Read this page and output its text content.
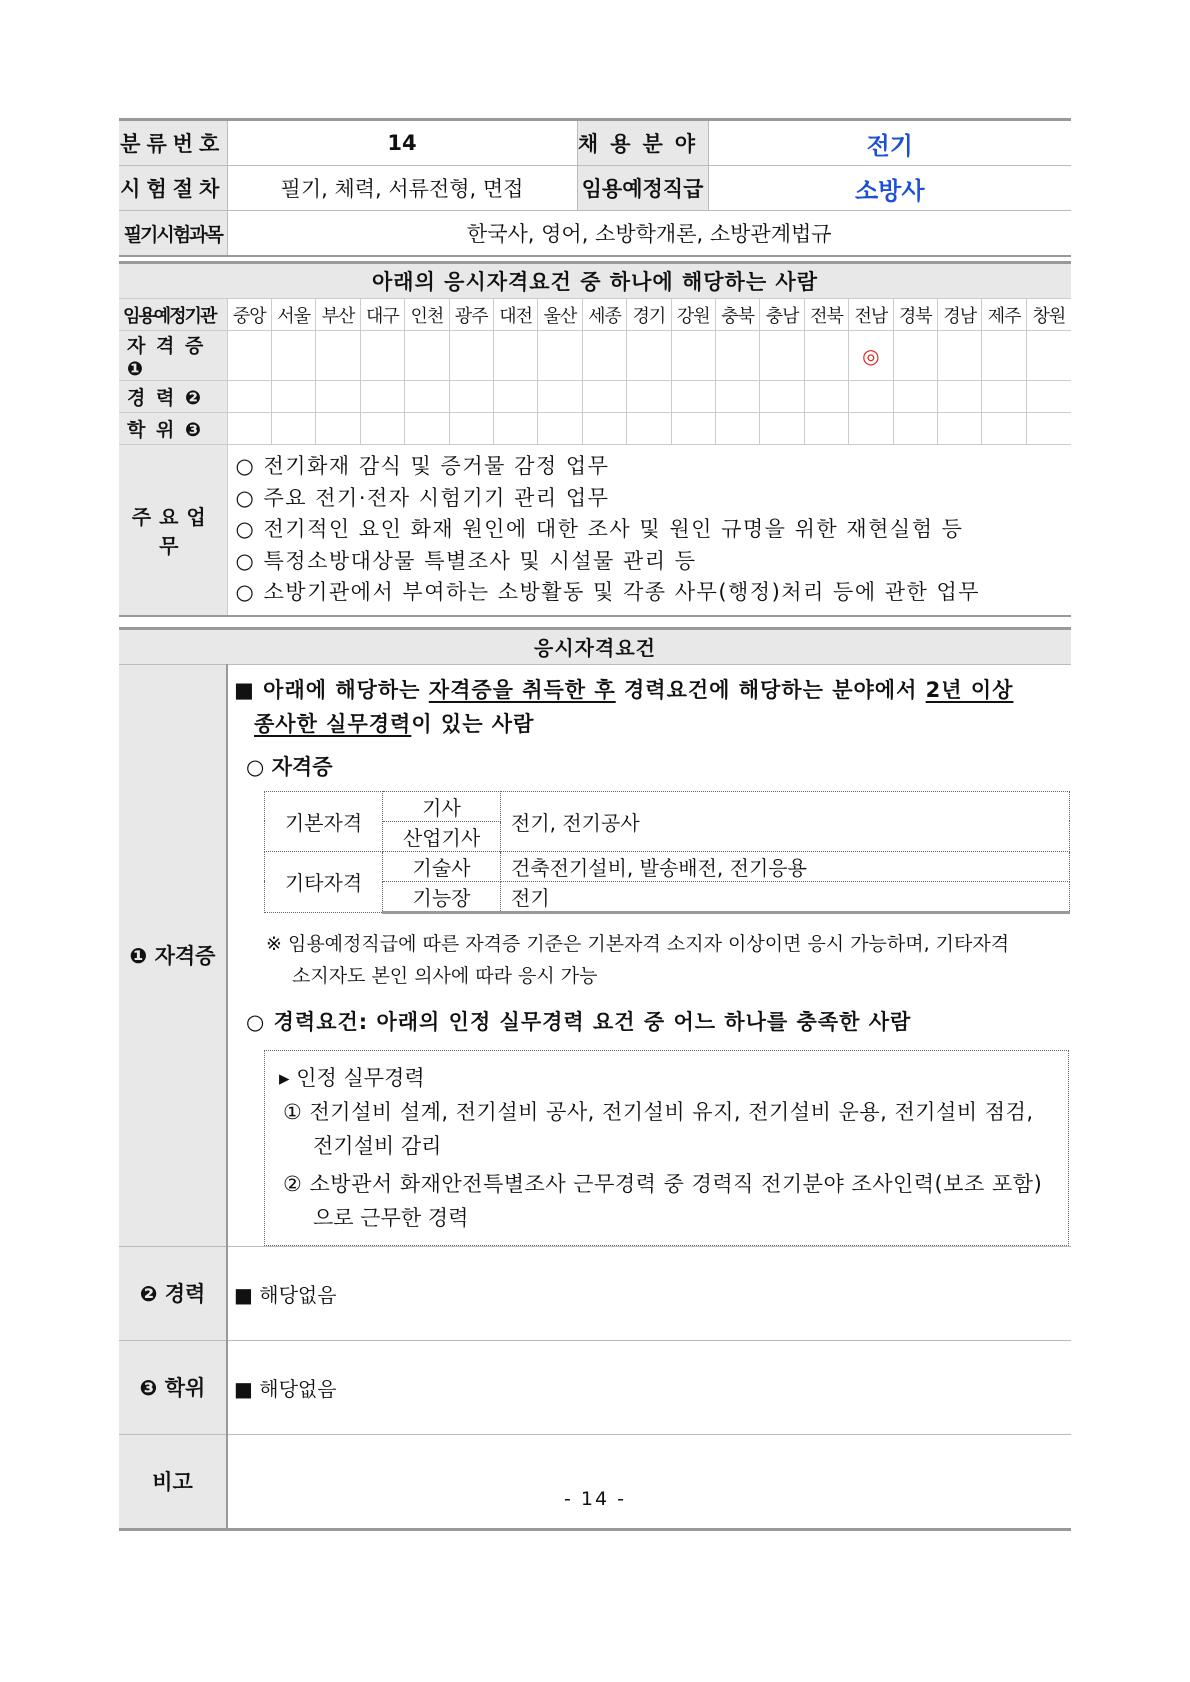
분류번호	14	채용분야	전기
시험절차	필기, 체력, 서류전형, 면접	임용예정직급	소방사
필기시험과목	한국사, 영어, 소방학개론, 소방관계법규		
아래의 응시자격요건 중 하나에 해당하는 사람																			
임용예정기관	중앙	서울	부산	대구	인천	광주	대전	울산	세종	경기	강원	충북	충남	전북	전남	경북	경남	제주	창원
자 격 증 ❶															◎				
경 력 ❷																			
학 위 ❸																			
주요업무	○ 전기화재 감식 및 증거물 감정 업무
○ 주요 전기·전자 시험기기 관리 업무
○ 전기적인 요인 화재 원인에 대한 조사 및 원인 규명을 위한 재현실험 등
○ 특정소방대상물 특별조사 및 시설물 관리 등
○ 소방기관에서 부여하는 소방활동 및 각종 사무(행정)처리 등에 관한 업무																		
응시자격요건
❶ 자격증	
■ 아래에 해당하는 자격증을 취득한 후 경력요건에 해당하는 분야에서 2년 이상
종사한 실무경력이 있는 사람
○ 자격증
기본자격	기사	전기, 전기공사
산업기사
기타자격	기술사	건축전기설비, 발송배전, 전기응용
기능장	전기
※ 임용예정직급에 따른 자격증 기준은 기본자격 소지자 이상이면 응시 가능하며, 기타자격
소지자도 본인 의사에 따라 응시 가능
○ 경력요건: 아래의 인정 실무경력 요건 중 어느 하나를 충족한 사람
▸ 인정 실무경력
① 전기설비 설계, 전기설비 공사, 전기설비 유지, 전기설비 운용, 전기설비 점검,
전기설비 감리
② 소방관서 화재안전특별조사 근무경력 중 경력직 전기분야 조사인력(보조 포함)
으로 근무한 경력

❷ 경력	■ 해당없음
❸ 학위	■ 해당없음
비고	
- 14 -
